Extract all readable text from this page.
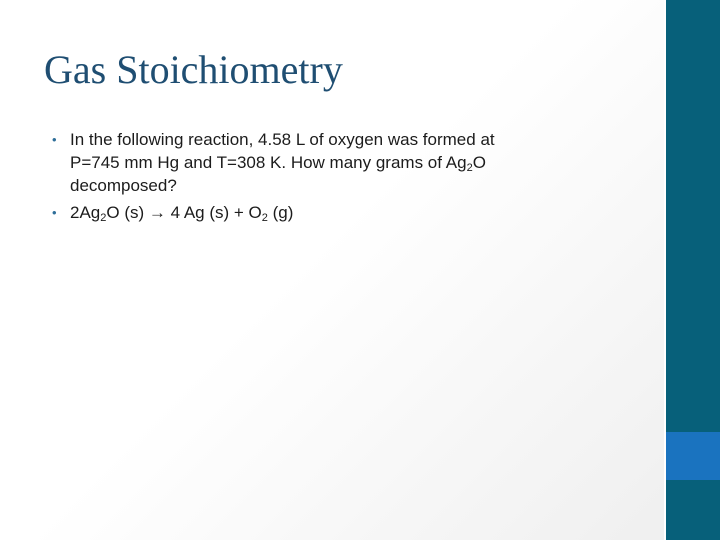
Gas Stoichiometry
• In the following reaction, 4.58 L of oxygen was formed at
P=745 mm Hg and T=308 K. How many grams of $Ag_2O$
decomposed?
• $2Ag_2O$ (s) → 4 Ag $(s) + O_2$ (g)
